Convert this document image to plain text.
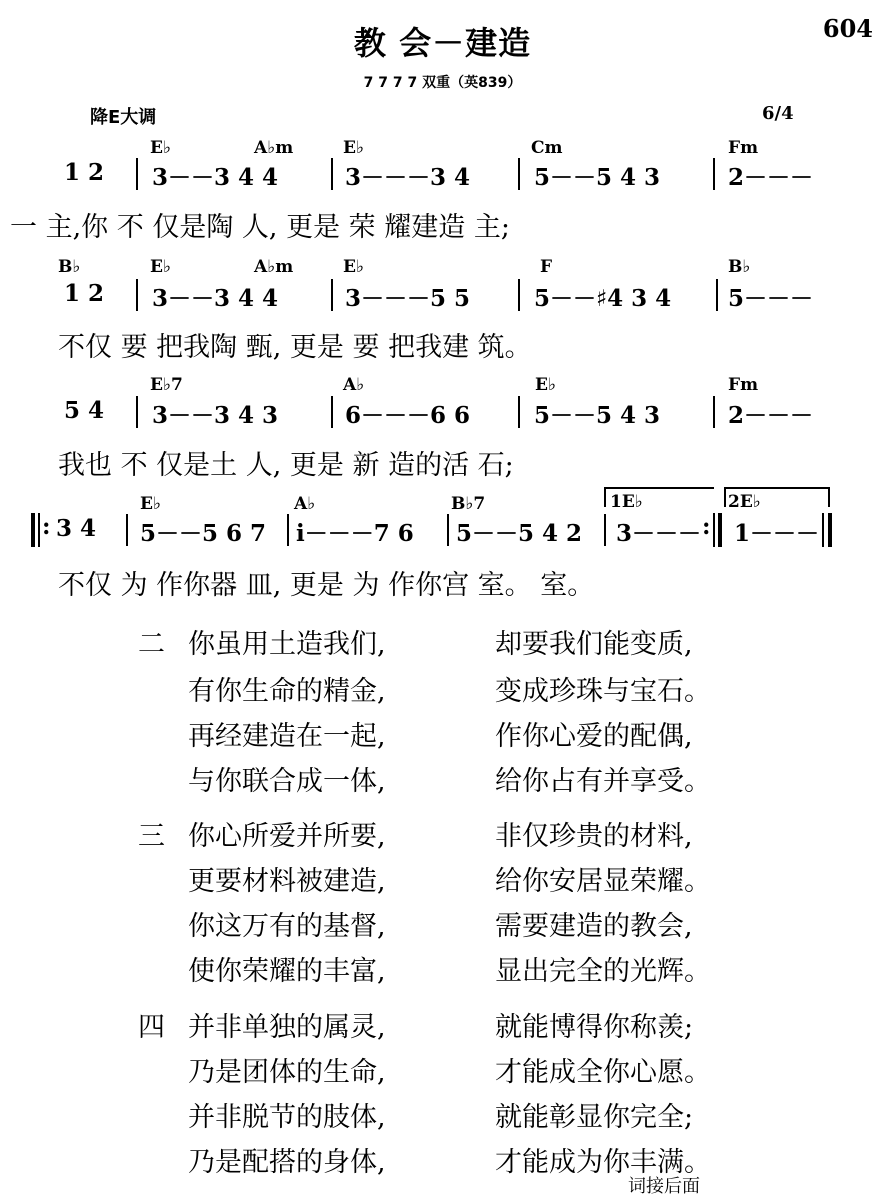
教 会－建造	604
7 7 7 7 双重（英839）
降E大调	6/4
E♭	A♭m	E♭	Cm	Fm
1 2 3－－3 4 4	3－－－3 4	5－－5 4 3	2－－－
一 主,你 不 仅是陶 人, 更是 荣 耀建造 主;
B♭	E♭	A♭m	E♭	F	B♭
1 2 3－－3 4 4	3－－－5 5	5－－♯4 3 4 5－－－
不仅 要 把我陶 甄, 更是 要 把我建 筑。
E♭7	A♭	E♭	Fm
5 4 3－－3 4 3	6－－－6 6	5－－5 4 3	2－－－
我也 不 仅是土 人, 更是 新 造的活 石;
E♭	A♭	B♭7	1E♭	2E♭
: 3 4 5－－5 6 7 i－－－7 6 5－－5 4 2 3－－－ : 1－－－
不仅 为 作你器 皿, 更是 为 作你宫 室。 室。
二 你虽用土造我们,	却要我们能变质,
有你生命的精金,	变成珍珠与宝石。
再经建造在一起,	作你心爱的配偶,
与你联合成一体,	给你占有并享受。
三 你心所爱并所要,	非仅珍贵的材料,
更要材料被建造,	给你安居显荣耀。
你这万有的基督,	需要建造的教会,
使你荣耀的丰富,	显出完全的光辉。
四 并非单独的属灵,	就能博得你称羡;
乃是团体的生命,	才能成全你心愿。
并非脱节的肢体,	就能彰显你完全;
乃是配搭的身体,	才能成为你丰满。
词接后面
